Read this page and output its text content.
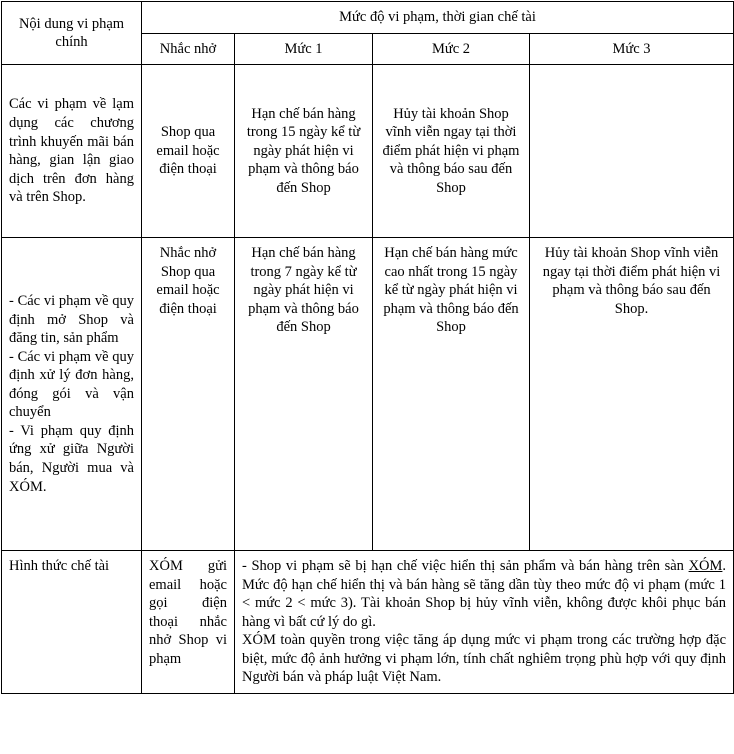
Nội dung vi phạm chính	Mức độ vi phạm, thời gian chế tài			
	Nhắc nhở	Mức 1	Mức 2	Mức 3
Các vi phạm về lạm dụng các chương trình khuyến mãi bán hàng, gian lận giao dịch trên đơn hàng và trên Shop.	Shop qua email hoặc điện thoại	Hạn chế bán hàng trong 15 ngày kể từ ngày phát hiện vi phạm và thông báo đến Shop	Hủy tài khoản Shop vĩnh viễn ngay tại thời điểm phát hiện vi phạm và thông báo sau đến Shop	

- Các vi phạm về quy định mở Shop và đăng tin, sản phẩm

- Các vi phạm về quy định xử lý đơn hàng, đóng gói và vận chuyển

- Vi phạm quy định ứng xử giữa Người bán, Người mua và XÓM.	Nhắc nhở Shop qua email hoặc điện thoại	Hạn chế bán hàng trong 7 ngày kể từ ngày phát hiện vi phạm và thông báo đến Shop	Hạn chế bán hàng mức cao nhất trong 15 ngày kể từ ngày phát hiện vi phạm và thông báo đến Shop	Hủy tài khoản Shop vĩnh viễn ngay tại thời điểm phát hiện vi phạm và thông báo sau đến Shop.
Hình thức chế tài	XÓM gửi email hoặc gọi điện thoại nhắc nhở Shop vi phạm	- Shop vi phạm sẽ bị hạn chế việc hiển thị sản phẩm và bán hàng trên sàn XÓM. Mức độ hạn chế hiển thị và bán hàng sẽ tăng dần tùy theo mức độ vi phạm (mức 1 < mức 2 < mức 3). Tài khoản Shop bị hủy vĩnh viễn, không được khôi phục bán hàng vì bất cứ lý do gì.

XÓM toàn quyền trong việc tăng áp dụng mức vi phạm trong các trường hợp đặc biệt, mức độ ảnh hưởng vi phạm lớn, tính chất nghiêm trọng phù hợp với quy định Người bán và pháp luật Việt Nam.		
